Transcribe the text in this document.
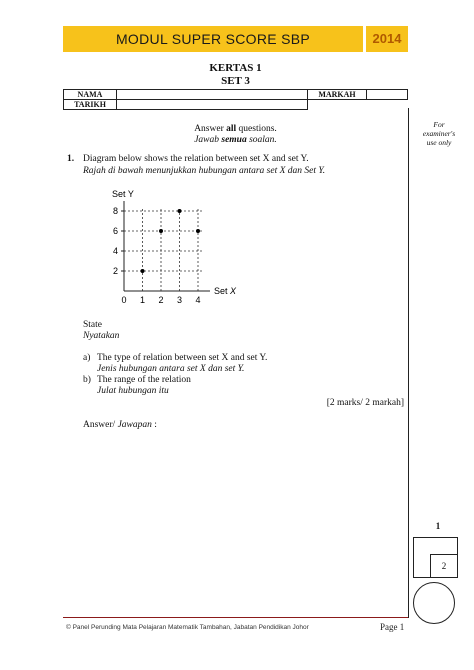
MODUL SUPER SCORE SBP	2014
KERTAS 1
SET 3
NAMA		MARKAH	
TARIKH			
For
examiner's
use only
Answer all questions.
Jawab semua soalan.
1. Diagram below shows the relation between set X and set Y.
Rajah di bawah menunjukkan hubungan antara set X dan Set Y.
2
4
6
8
0 1 2 3 4
Set Y
Set X
State
Nyatakan
a) The type of relation between set X and set Y.
Jenis hubungan antara set X dan set Y.
b) The range of the relation
Julat hubungan itu
[2 marks/ 2 markah]
Answer/ Jawapan :
1
2
© Panel Perunding Mata Pelajaran Matematik Tambahan, Jabatan Pendidikan Johor	Page 1
